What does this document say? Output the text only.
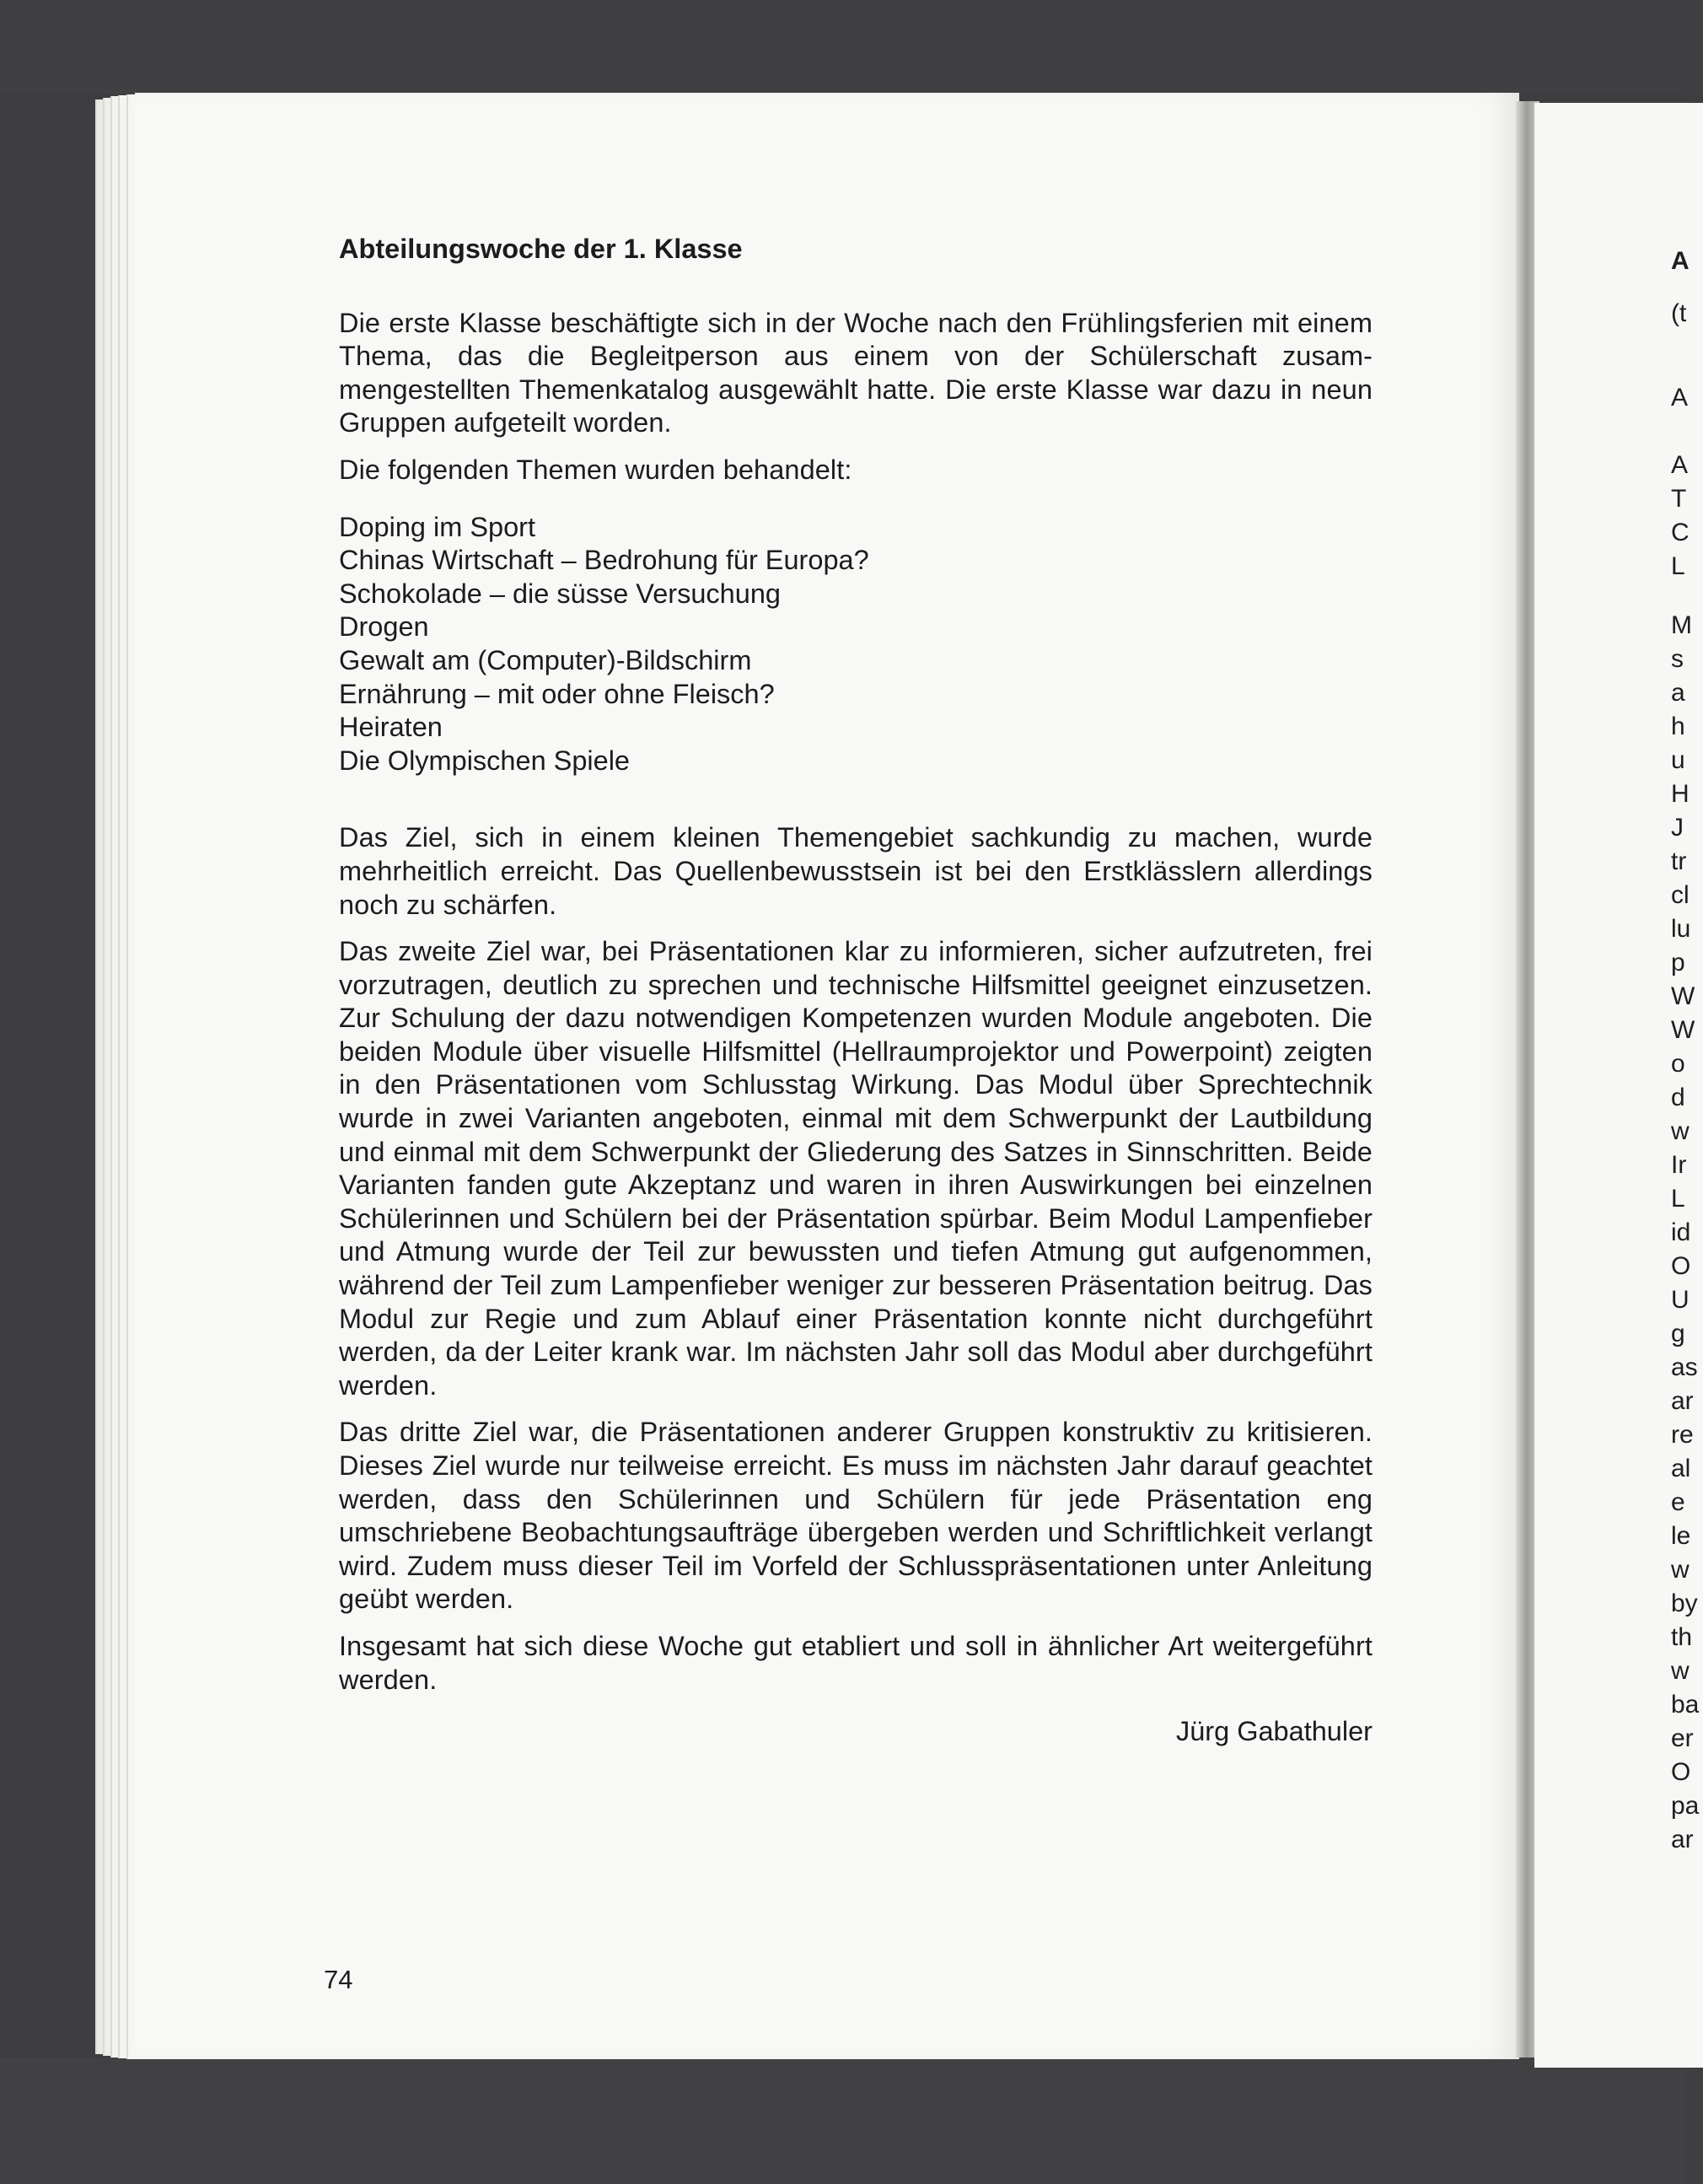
A
(t
A
A
T
C
L
M
s
a
h
u
H
J
tr
cl
lu
p
W
W
o
d
w
Ir
L
id
O
U
g
as
ar
re
al
e
le
w
by
th
w
ba
er
O
pa
ar
Abteilungswoche der 1. Klasse

Die erste Klasse beschäftigte sich in der Woche nach den Frühlingsferien mit einem Thema, das die Begleitperson aus einem von der Schülerschaft zusammengestellten Themenkatalog ausgewählt hatte. Die erste Klasse war dazu in neun Gruppen aufgeteilt worden.

Die folgenden Themen wurden behandelt:

Doping im Sport
Chinas Wirtschaft – Bedrohung für Europa?
Schokolade – die süsse Versuchung
Drogen
Gewalt am (Computer)-Bildschirm
Ernährung – mit oder ohne Fleisch?
Heiraten
Die Olympischen Spiele

Das Ziel, sich in einem kleinen Themengebiet sachkundig zu machen, wurde mehrheitlich erreicht. Das Quellenbewusstsein ist bei den Erstklässlern allerdings noch zu schärfen.

Das zweite Ziel war, bei Präsentationen klar zu informieren, sicher aufzutreten, frei vorzutragen, deutlich zu sprechen und technische Hilfsmittel geeignet einzusetzen. Zur Schulung der dazu notwendigen Kompetenzen wurden Module angeboten. Die beiden Module über visuelle Hilfsmittel (Hellraumprojektor und Powerpoint) zeigten in den Präsentationen vom Schlusstag Wirkung. Das Modul über Sprechtechnik wurde in zwei Varianten angeboten, einmal mit dem Schwerpunkt der Lautbildung und einmal mit dem Schwerpunkt der Gliederung des Satzes in Sinnschritten. Beide Varianten fanden gute Akzeptanz und waren in ihren Auswirkungen bei einzelnen Schülerinnen und Schülern bei der Präsentation spürbar. Beim Modul Lampenfieber und Atmung wurde der Teil zur bewussten und tiefen Atmung gut aufgenommen, während der Teil zum Lampenfieber weniger zur besseren Präsentation beitrug. Das Modul zur Regie und zum Ablauf einer Präsentation konnte nicht durchgeführt werden, da der Leiter krank war. Im nächsten Jahr soll das Modul aber durchgeführt werden.

Das dritte Ziel war, die Präsentationen anderer Gruppen konstruktiv zu kritisieren. Dieses Ziel wurde nur teilweise erreicht. Es muss im nächsten Jahr darauf geachtet werden, dass den Schülerinnen und Schülern für jede Präsentation eng umschriebene Beobachtungsaufträge übergeben werden und Schriftlichkeit verlangt wird. Zudem muss dieser Teil im Vorfeld der Schlusspräsentationen unter Anleitung geübt werden.

Insgesamt hat sich diese Woche gut etabliert und soll in ähnlicher Art weitergeführt werden.

Jürg Gabathuler

74
